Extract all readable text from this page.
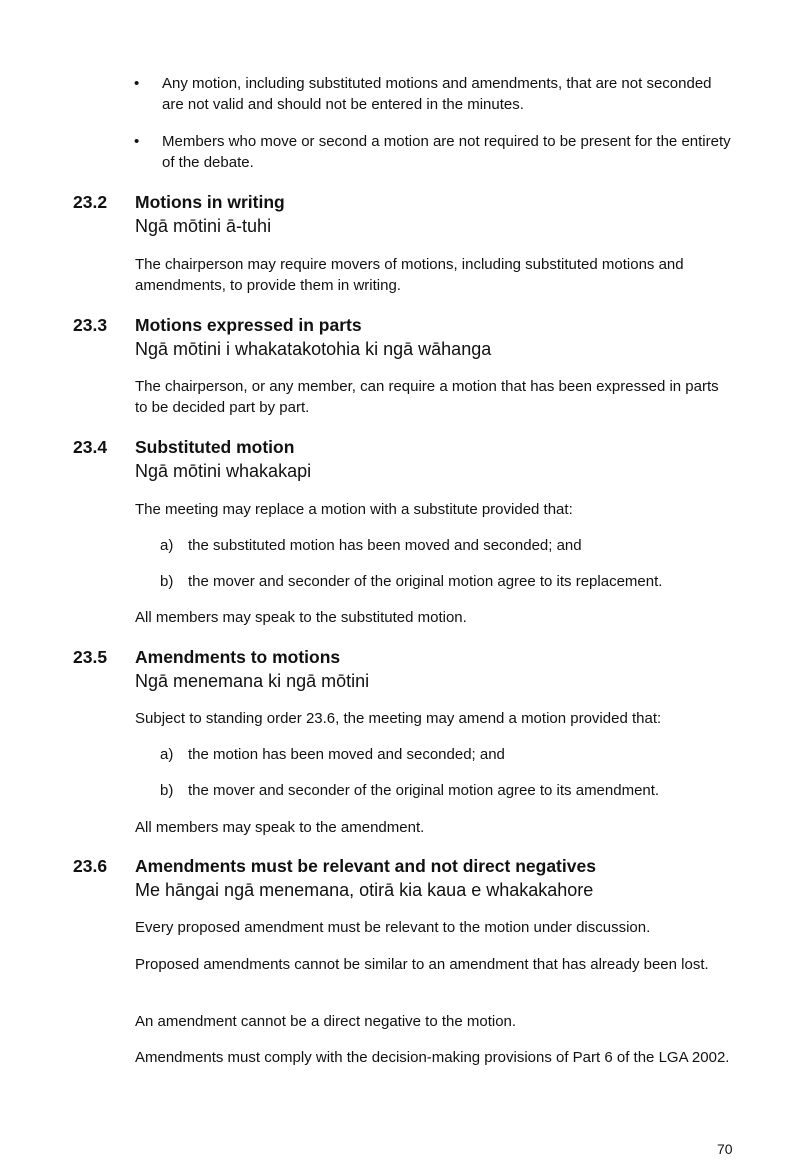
• Any motion, including substituted motions and amendments, that are not seconded are not valid and should not be entered in the minutes.
• Members who move or second a motion are not required to be present for the entirety of the debate.
23.2 Motions in writing
Ngā mōtini ā-tuhi
The chairperson may require movers of motions, including substituted motions and amendments, to provide them in writing.
23.3 Motions expressed in parts
Ngā mōtini i whakatakotohia ki ngā wāhanga
The chairperson, or any member, can require a motion that has been expressed in parts to be decided part by part.
23.4 Substituted motion
Ngā mōtini whakakapi
The meeting may replace a motion with a substitute provided that:
a) the substituted motion has been moved and seconded; and
b) the mover and seconder of the original motion agree to its replacement.
All members may speak to the substituted motion.
23.5 Amendments to motions
Ngā menemana ki ngā mōtini
Subject to standing order 23.6, the meeting may amend a motion provided that:
a) the motion has been moved and seconded; and
b) the mover and seconder of the original motion agree to its amendment.
All members may speak to the amendment.
23.6 Amendments must be relevant and not direct negatives
Me hāngai ngā menemana, otirā kia kaua e whakakahore
Every proposed amendment must be relevant to the motion under discussion.
Proposed amendments cannot be similar to an amendment that has already been lost.
An amendment cannot be a direct negative to the motion.
Amendments must comply with the decision-making provisions of Part 6 of the LGA 2002.
70
